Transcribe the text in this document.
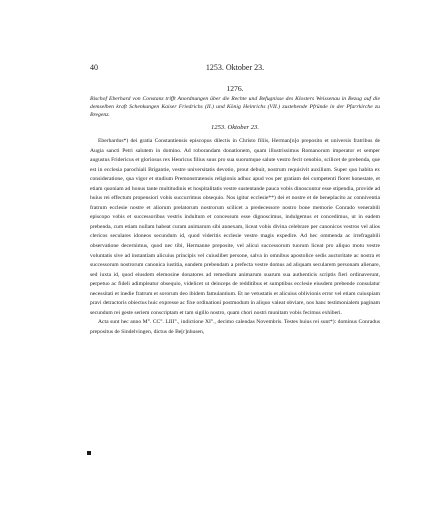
40	1253. Oktober 23.
1276.
Bischof Eberhard von Constanz trifft Anordnungen über die Rechte und Befugnisse des Klosters Weissenau in Bezug auf die demselben kraft Schenkungen Kaiser Friedrichs (II.) und König Heinrichs (VII.) zustehende Pfründe in der Pfarrkirche zu Bregenz.
1253. Oktober 23.

Eberhardus*) dei gratia Constantiensis episcopus dilectis in Christo filiis, Herman[n]o preposito et universis fratribus de Augia sancti Petri salutem in domino. Ad roborandam donationem, quam illustrissimus Romanorum imperator et semper augustus Fridericus et gloriosus rex Henricus filius suus pro sua suorumque salute vestro fecit cenobio, scilicet de prebenda, que est in ecclesia parochiali Brigantie, vestre universitatis devotio, prout debuit, nostrum requisivit auxilium. Super quo habita ex consideratione, qua vigor et studium Premonstratensis religionis adhuc apud vos per gratiam dei competenti floret honestate, et etiam quoniam ad honus tante multitudinis et hospitalitatis vestre sustentande pauca vobis dinoscuntur esse stipendia, provide ad huius rei effectum propensiori vobis succurrimus obsequio. Nos igitur ecclesie**) dei et nostre et de beneplacito ac conniventia fratrum ecclesie nostre et aliorum prelatorum nostrorum scilicet a predecessore nostro bone memorie Conrado venerabili episcopo vobis et successoribus vestris indultum et concessum esse dignoscimus, indulgemus et concedimus, ut in eadem prebenda, cum etiam nullam habeat curam animarum sibi annexam, liceat vobis divina celebrare per canonicos vestros vel alios clericos seculares idoneos secundum id, quod videritis ecclesie vestre magis expedire. Ad hec ommenda ac irrefragabili observatione decernimus, quod nec tibi, Hermanne preposite, vel alicui successorum tuorum liceat pro aliquo motu vestre voluntatis sive ad instantiam alicuius principis vel cuiuslibet persone, salva in omnibus apostolice sedis auctoritate ac nostra et successorum nostrorum canonica iustitia, eandem prebendam a prefecta vestre domus ad aliquam secularem personam alienare, sed iuxta id, quod eiusdem elemosine donatores ad remedium animarum suarum sua authenticis scriptis fieri ordinaverunt, perpetuo ac fideli adimpleatur obsequio, videlicet ut deinceps de redditibus et sumptibus ecclesie eiusdem prebende consulatur necessitati et inedie fratrum et sororum deo ibidem famulantium. Et ne vetustatis et alicuius oblivionis error vel etiam cuiuspiam pravi detractoris obiectus huic expresse ac fixe ordinationi postmodum in aliquo valeat obviare, nos hanc testimonialem paginam secundum rei geste seriem conscriptam et tam sigillo nostro, quam chori nostri munitam vobis fecimus exhiberi.

Acta sunt hec anno M°. CC°. LIII°., indictione XI°., decimo calendas Novembris. Testes huius rei sunt*): dominus Conradus prepositus de Sindelvingen, dictus de Be[r]nhusen,
